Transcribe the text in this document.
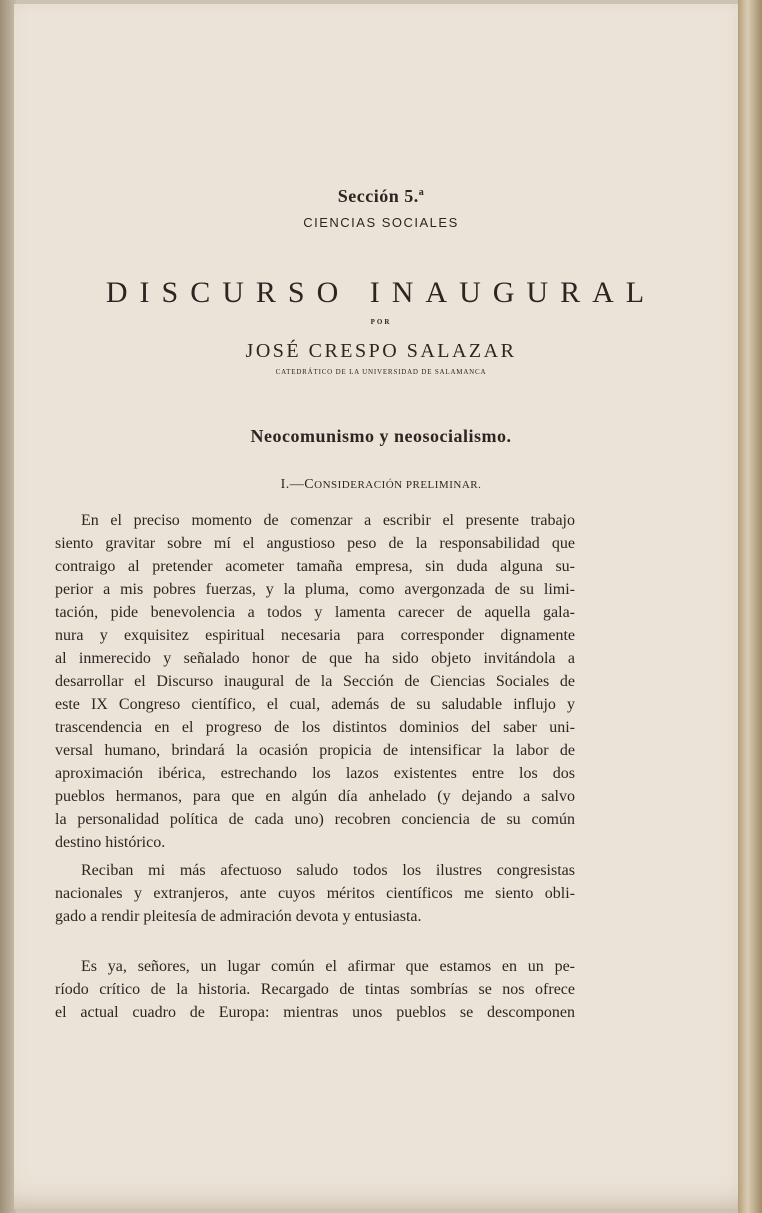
Sección 5.$^a$
CIENCIAS SOCIALES
DISCURSO INAUGURAL
POR
JOSÉ CRESPO SALAZAR
CATEDRÁTICO DE LA UNIVERSIDAD DE SALAMANCA
Neocomunismo y neosocialismo.
I.—CONSIDERACIÓN PRELIMINAR.
En el preciso momento de comenzar a escribir el presente trabajo
siento gravitar sobre mí el angustioso peso de la responsabilidad que
contraigo al pretender acometer tamaña empresa, sin duda alguna su-
perior a mis pobres fuerzas, y la pluma, como avergonzada de su limi-
tación, pide benevolencia a todos y lamenta carecer de aquella gala-
nura y exquisitez espiritual necesaria para corresponder dignamente
al inmerecido y señalado honor de que ha sido objeto invitándola a
desarrollar el Discurso inaugural de la Sección de Ciencias Sociales de
este IX Congreso científico, el cual, además de su saludable influjo y
trascendencia en el progreso de los distintos dominios del saber uni-
versal humano, brindará la ocasión propicia de intensificar la labor de
aproximación ibérica, estrechando los lazos existentes entre los dos
pueblos hermanos, para que en algún día anhelado (y dejando a salvo
la personalidad política de cada uno) recobren conciencia de su común
destino histórico.
Reciban mi más afectuoso saludo todos los ilustres congresistas
nacionales y extranjeros, ante cuyos méritos científicos me siento obli-
gado a rendir pleitesía de admiración devota y entusiasta.
Es ya, señores, un lugar común el afirmar que estamos en un pe-
ríodo crítico de la historia. Recargado de tintas sombrías se nos ofrece
el actual cuadro de Europa: mientras unos pueblos se descomponen
